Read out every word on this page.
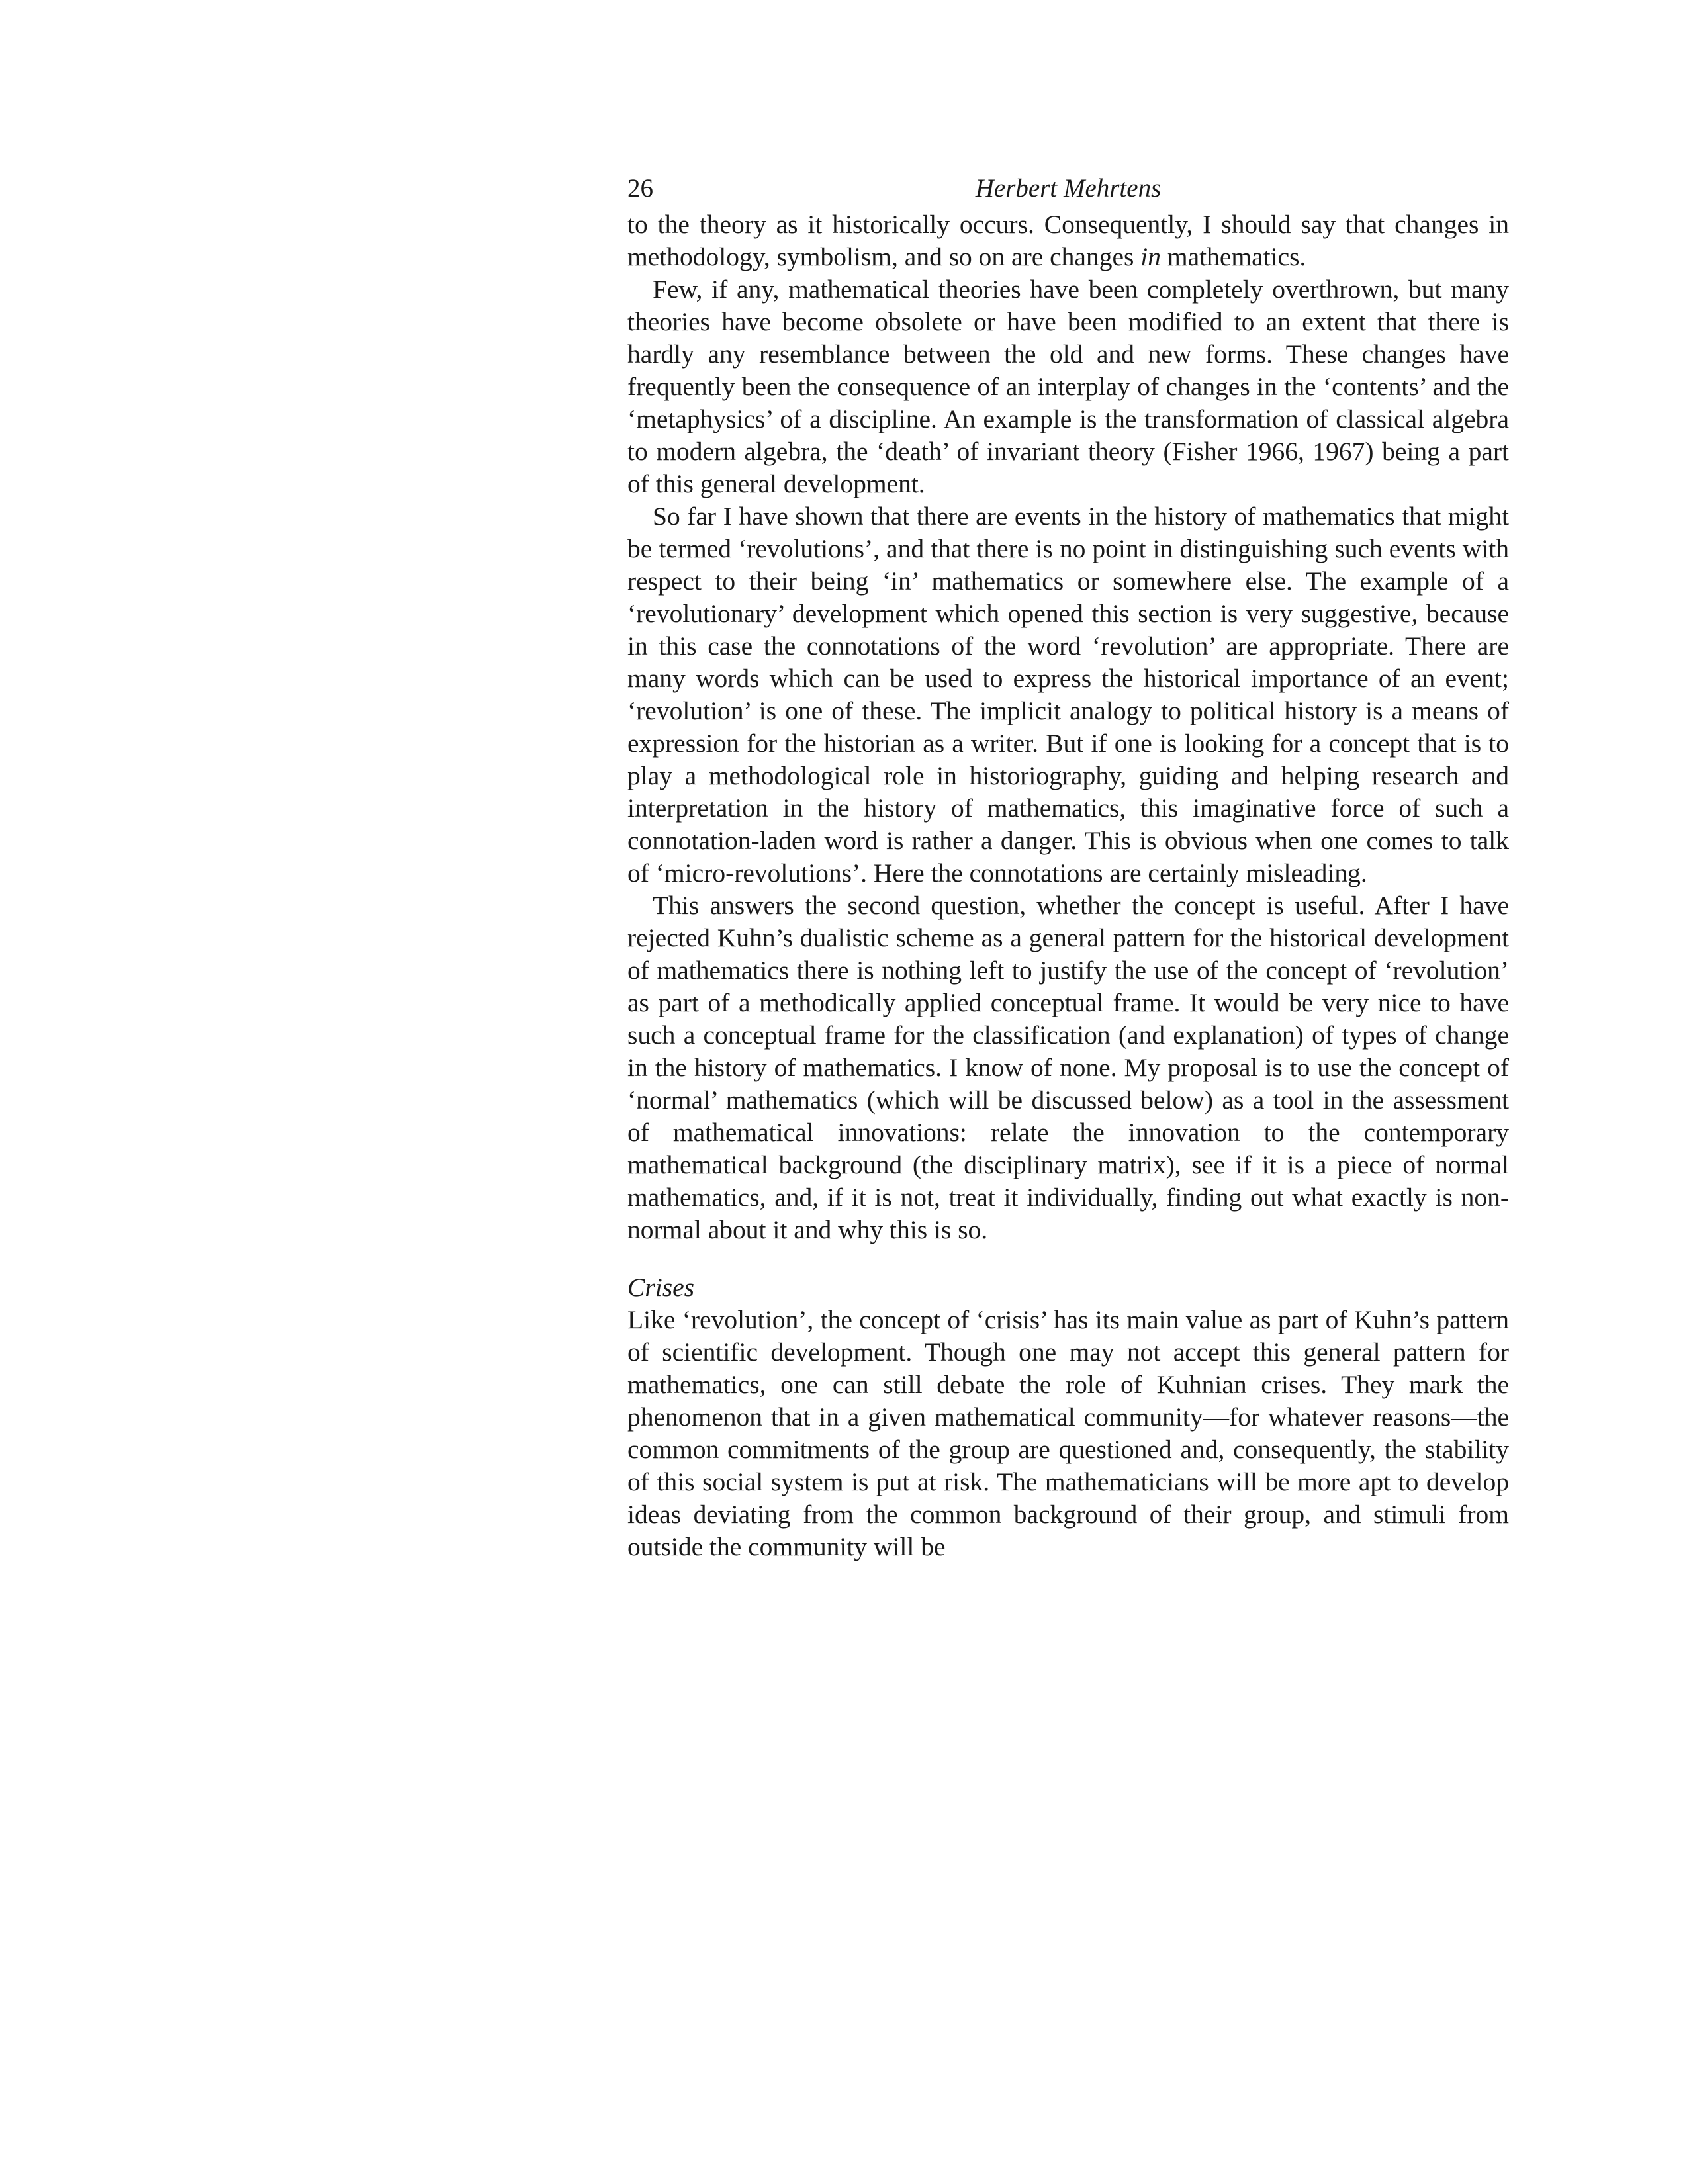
26	Herbert Mehrtens

to the theory as it historically occurs. Consequently, I should say that changes in methodology, symbolism, and so on are changes in mathematics.

Few, if any, mathematical theories have been completely overthrown, but many theories have become obsolete or have been modified to an extent that there is hardly any resemblance between the old and new forms. These changes have frequently been the consequence of an interplay of changes in the ‘contents’ and the ‘metaphysics’ of a discipline. An example is the transformation of classical algebra to modern algebra, the ‘death’ of invariant theory (Fisher 1966, 1967) being a part of this general development.

So far I have shown that there are events in the history of mathematics that might be termed ‘revolutions’, and that there is no point in distinguishing such events with respect to their being ‘in’ mathematics or somewhere else. The example of a ‘revolutionary’ development which opened this section is very suggestive, because in this case the connotations of the word ‘revolution’ are appropriate. There are many words which can be used to express the historical importance of an event; ‘revolution’ is one of these. The implicit analogy to political history is a means of expression for the historian as a writer. But if one is looking for a concept that is to play a methodological role in historiography, guiding and helping research and interpretation in the history of mathematics, this imaginative force of such a connotation-laden word is rather a danger. This is obvious when one comes to talk of ‘micro-revolutions’. Here the connotations are certainly misleading.

This answers the second question, whether the concept is useful. After I have rejected Kuhn’s dualistic scheme as a general pattern for the historical development of mathematics there is nothing left to justify the use of the concept of ‘revolution’ as part of a methodically applied conceptual frame. It would be very nice to have such a conceptual frame for the classification (and explanation) of types of change in the history of mathematics. I know of none. My proposal is to use the concept of ‘normal’ mathematics (which will be discussed below) as a tool in the assessment of mathematical innovations: relate the innovation to the contemporary mathematical background (the disciplinary matrix), see if it is a piece of normal mathematics, and, if it is not, treat it individually, finding out what exactly is non-normal about it and why this is so.

Crises

Like ‘revolution’, the concept of ‘crisis’ has its main value as part of Kuhn’s pattern of scientific development. Though one may not accept this general pattern for mathematics, one can still debate the role of Kuhnian crises. They mark the phenomenon that in a given mathematical community—for whatever reasons—the common commitments of the group are questioned and, consequently, the stability of this social system is put at risk. The mathematicians will be more apt to develop ideas deviating from the common background of their group, and stimuli from outside the community will be
